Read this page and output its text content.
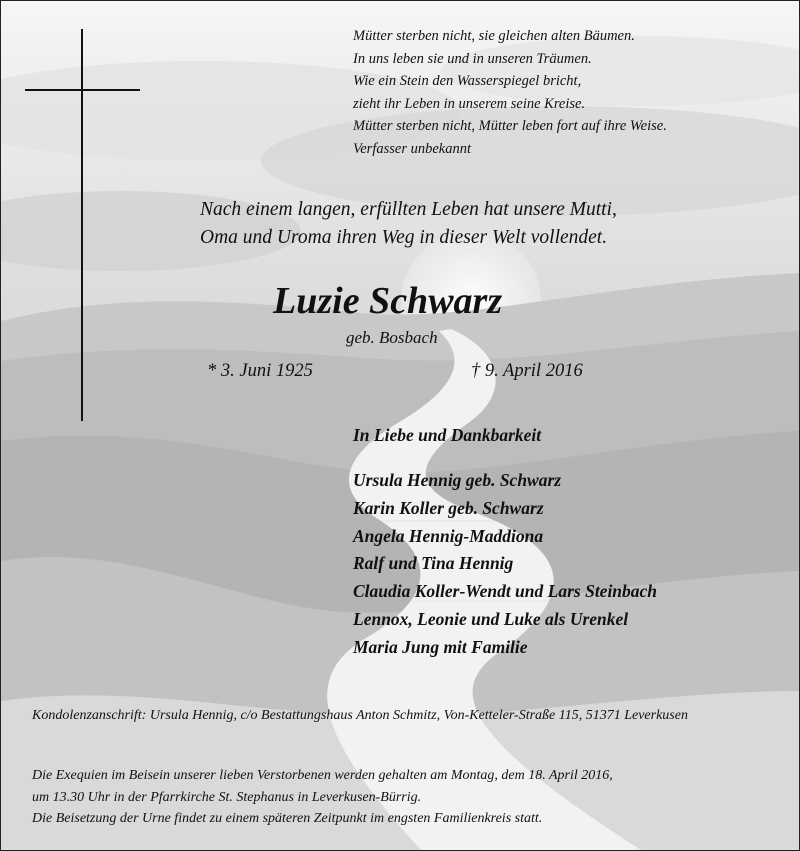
Mütter sterben nicht, sie gleichen alten Bäumen.
In uns leben sie und in unseren Träumen.
Wie ein Stein den Wasserspiegel bricht,
zieht ihr Leben in unserem seine Kreise.
Mütter sterben nicht, Mütter leben fort auf ihre Weise.
Verfasser unbekannt
Nach einem langen, erfüllten Leben hat unsere Mutti,
Oma und Uroma ihren Weg in dieser Welt vollendet.
Luzie Schwarz
geb. Bosbach
* 3. Juni 1925	† 9. April 2016
In Liebe und Dankbarkeit
Ursula Hennig geb. Schwarz
Karin Koller geb. Schwarz
Angela Hennig-Maddiona
Ralf und Tina Hennig
Claudia Koller-Wendt und Lars Steinbach
Lennox, Leonie und Luke als Urenkel
Maria Jung mit Familie
Kondolenzanschrift: Ursula Hennig, c/o Bestattungshaus Anton Schmitz, Von-Ketteler-Straße 115, 51371 Leverkusen
Die Exequien im Beisein unserer lieben Verstorbenen werden gehalten am Montag, dem 18. April 2016,
um 13.30 Uhr in der Pfarrkirche St. Stephanus in Leverkusen-Bürrig.
Die Beisetzung der Urne findet zu einem späteren Zeitpunkt im engsten Familienkreis statt.
